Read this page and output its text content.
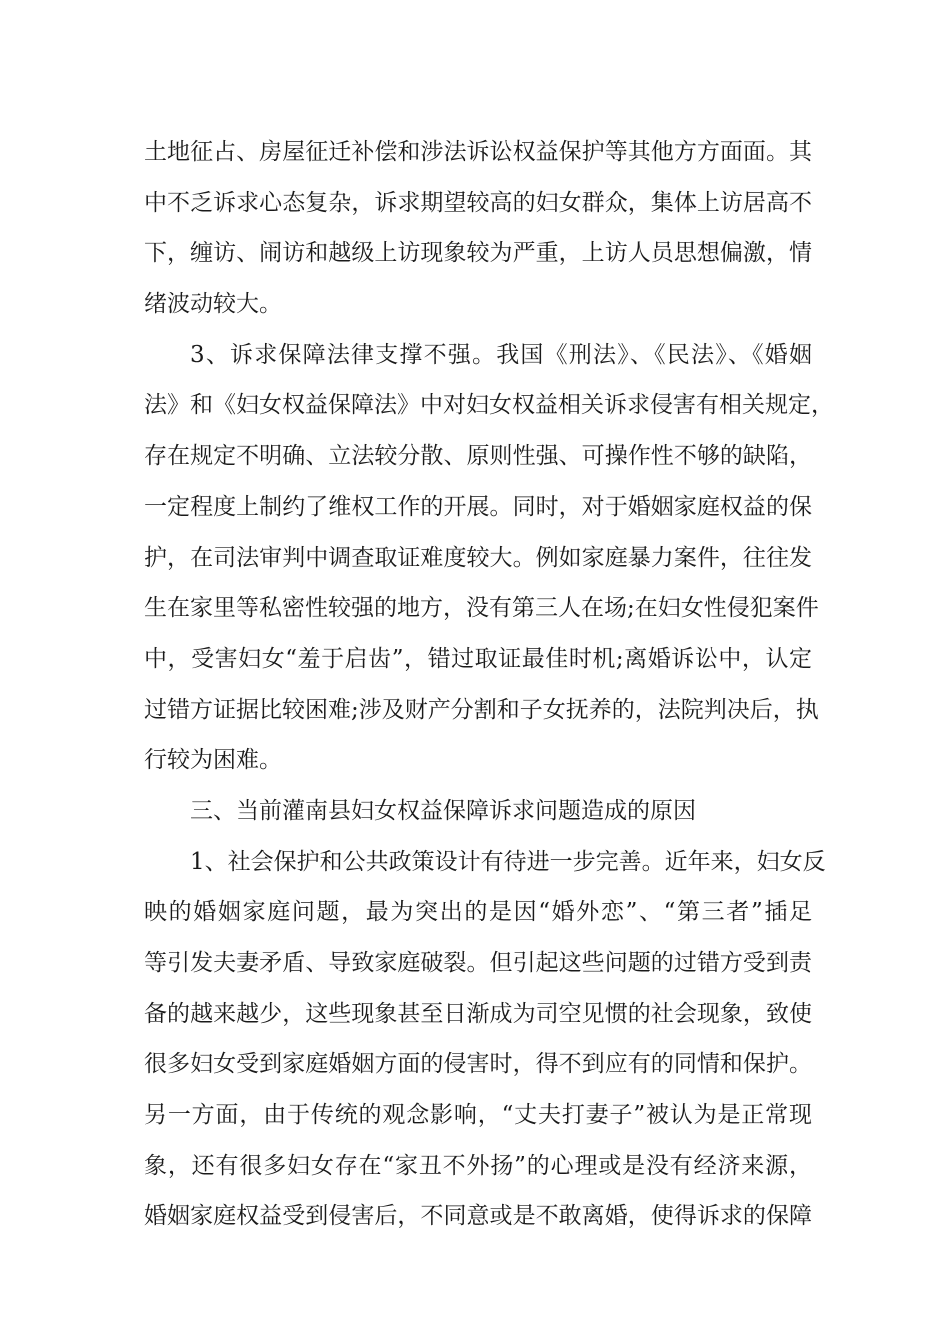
土地征占、房屋征迁补偿和涉法诉讼权益保护等其他方方面面。其
中不乏诉求心态复杂，诉求期望较高的妇女群众，集体上访居高不
下，缠访、闹访和越级上访现象较为严重，上访人员思想偏激，情
绪波动较大。
3、诉求保障法律支撑不强。我国《刑法》、《民法》、《婚姻
法》和《妇女权益保障法》中对妇女权益相关诉求侵害有相关规定，
存在规定不明确、立法较分散、原则性强、可操作性不够的缺陷，
一定程度上制约了维权工作的开展。同时，对于婚姻家庭权益的保
护，在司法审判中调查取证难度较大。例如家庭暴力案件，往往发
生在家里等私密性较强的地方，没有第三人在场;在妇女性侵犯案件
中，受害妇女“羞于启齿”，错过取证最佳时机;离婚诉讼中，认定
过错方证据比较困难;涉及财产分割和子女抚养的，法院判决后，执
行较为困难。
三、当前灌南县妇女权益保障诉求问题造成的原因
1、社会保护和公共政策设计有待进一步完善。近年来，妇女反
映的婚姻家庭问题，最为突出的是因“婚外恋”、“第三者”插足
等引发夫妻矛盾、导致家庭破裂。但引起这些问题的过错方受到责
备的越来越少，这些现象甚至日渐成为司空见惯的社会现象，致使
很多妇女受到家庭婚姻方面的侵害时，得不到应有的同情和保护。
另一方面，由于传统的观念影响，“丈夫打妻子”被认为是正常现
象，还有很多妇女存在“家丑不外扬”的心理或是没有经济来源，
婚姻家庭权益受到侵害后，不同意或是不敢离婚，使得诉求的保障
